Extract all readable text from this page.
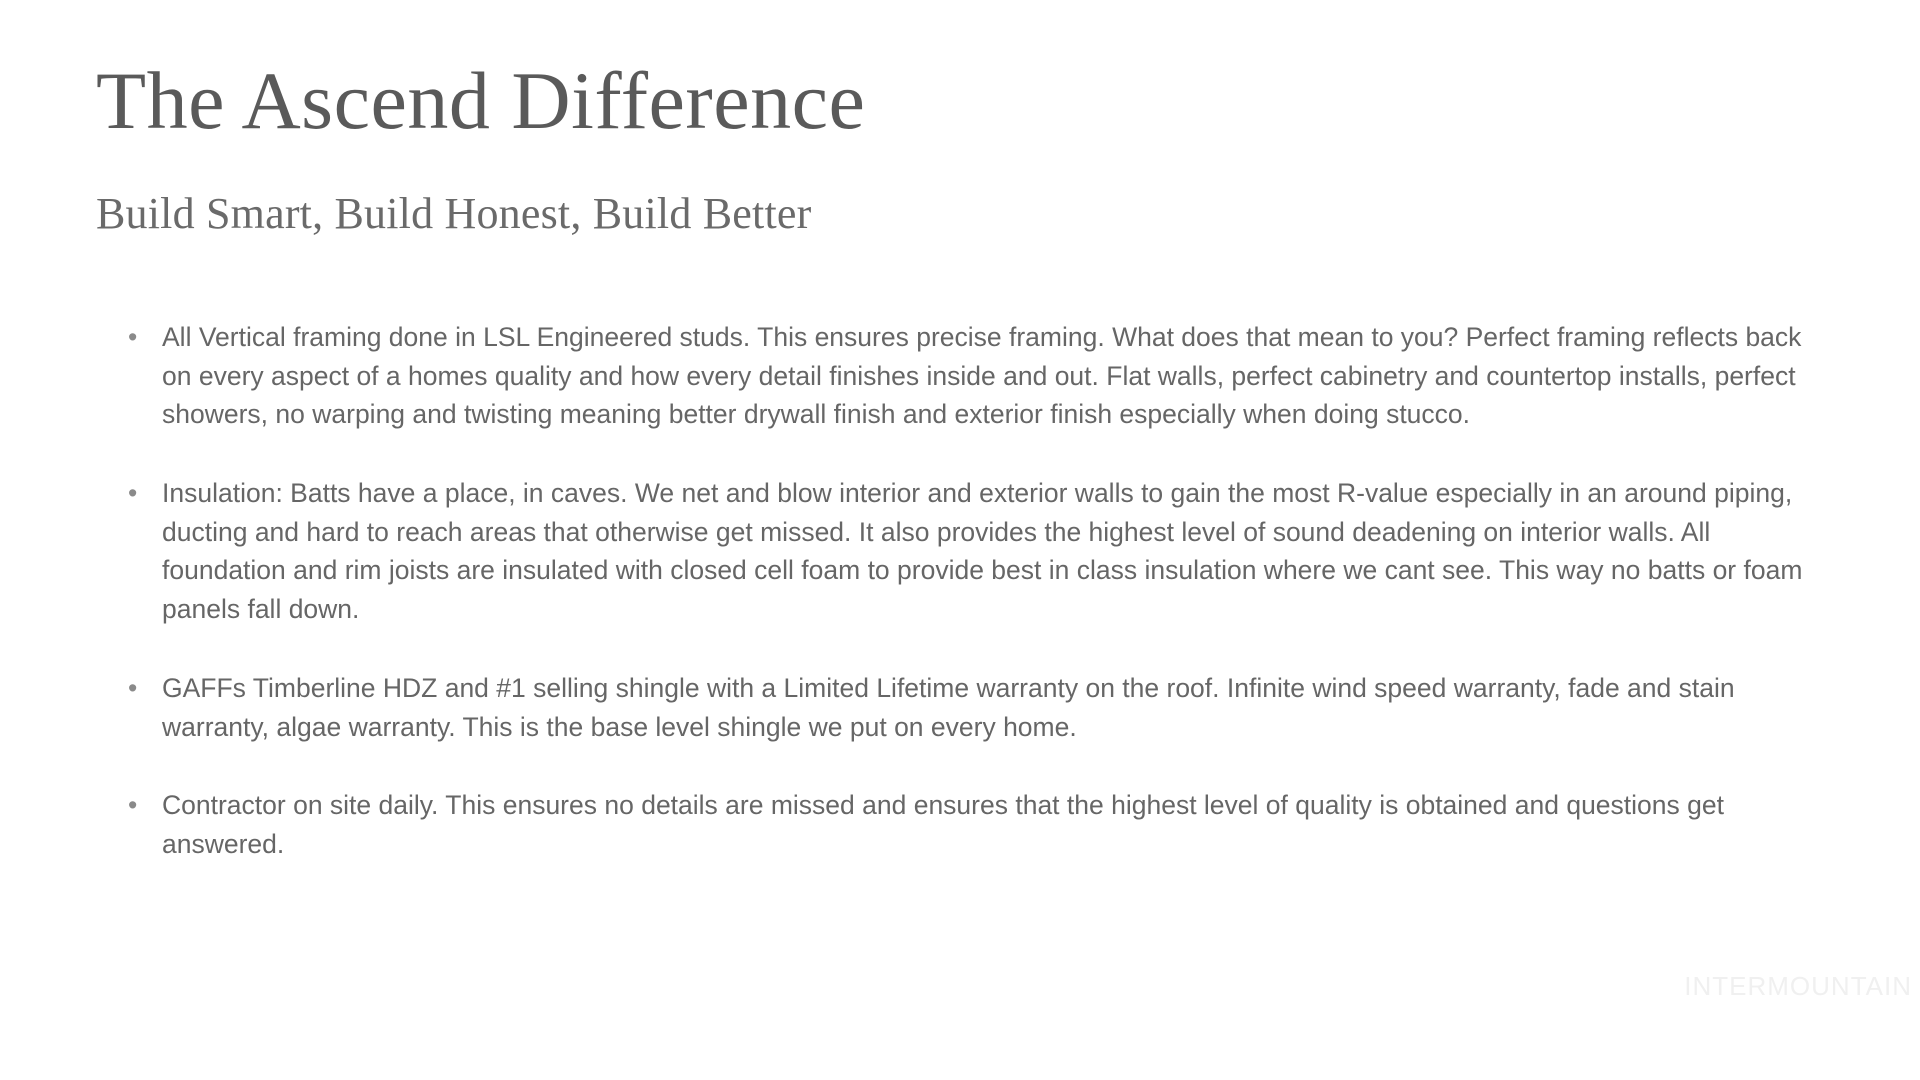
The Ascend Difference
Build Smart, Build Honest, Build Better
• All Vertical framing done in LSL Engineered studs. This ensures precise framing. What does that mean to you? Perfect framing reflects back on every aspect of a homes quality and how every detail finishes inside and out. Flat walls, perfect cabinetry and countertop installs, perfect showers, no warping and twisting meaning better drywall finish and exterior finish especially when doing stucco.
• Insulation: Batts have a place, in caves. We net and blow interior and exterior walls to gain the most R-value especially in an around piping, ducting and hard to reach areas that otherwise get missed. It also provides the highest level of sound deadening on interior walls. All foundation and rim joists are insulated with closed cell foam to provide best in class insulation where we cant see. This way no batts or foam panels fall down.
• GAFFs Timberline HDZ and #1 selling shingle with a Limited Lifetime warranty on the roof. Infinite wind speed warranty, fade and stain warranty, algae warranty. This is the base level shingle we put on every home.
• Contractor on site daily. This ensures no details are missed and ensures that the highest level of quality is obtained and questions get answered.
INTERMOUNTAIN
